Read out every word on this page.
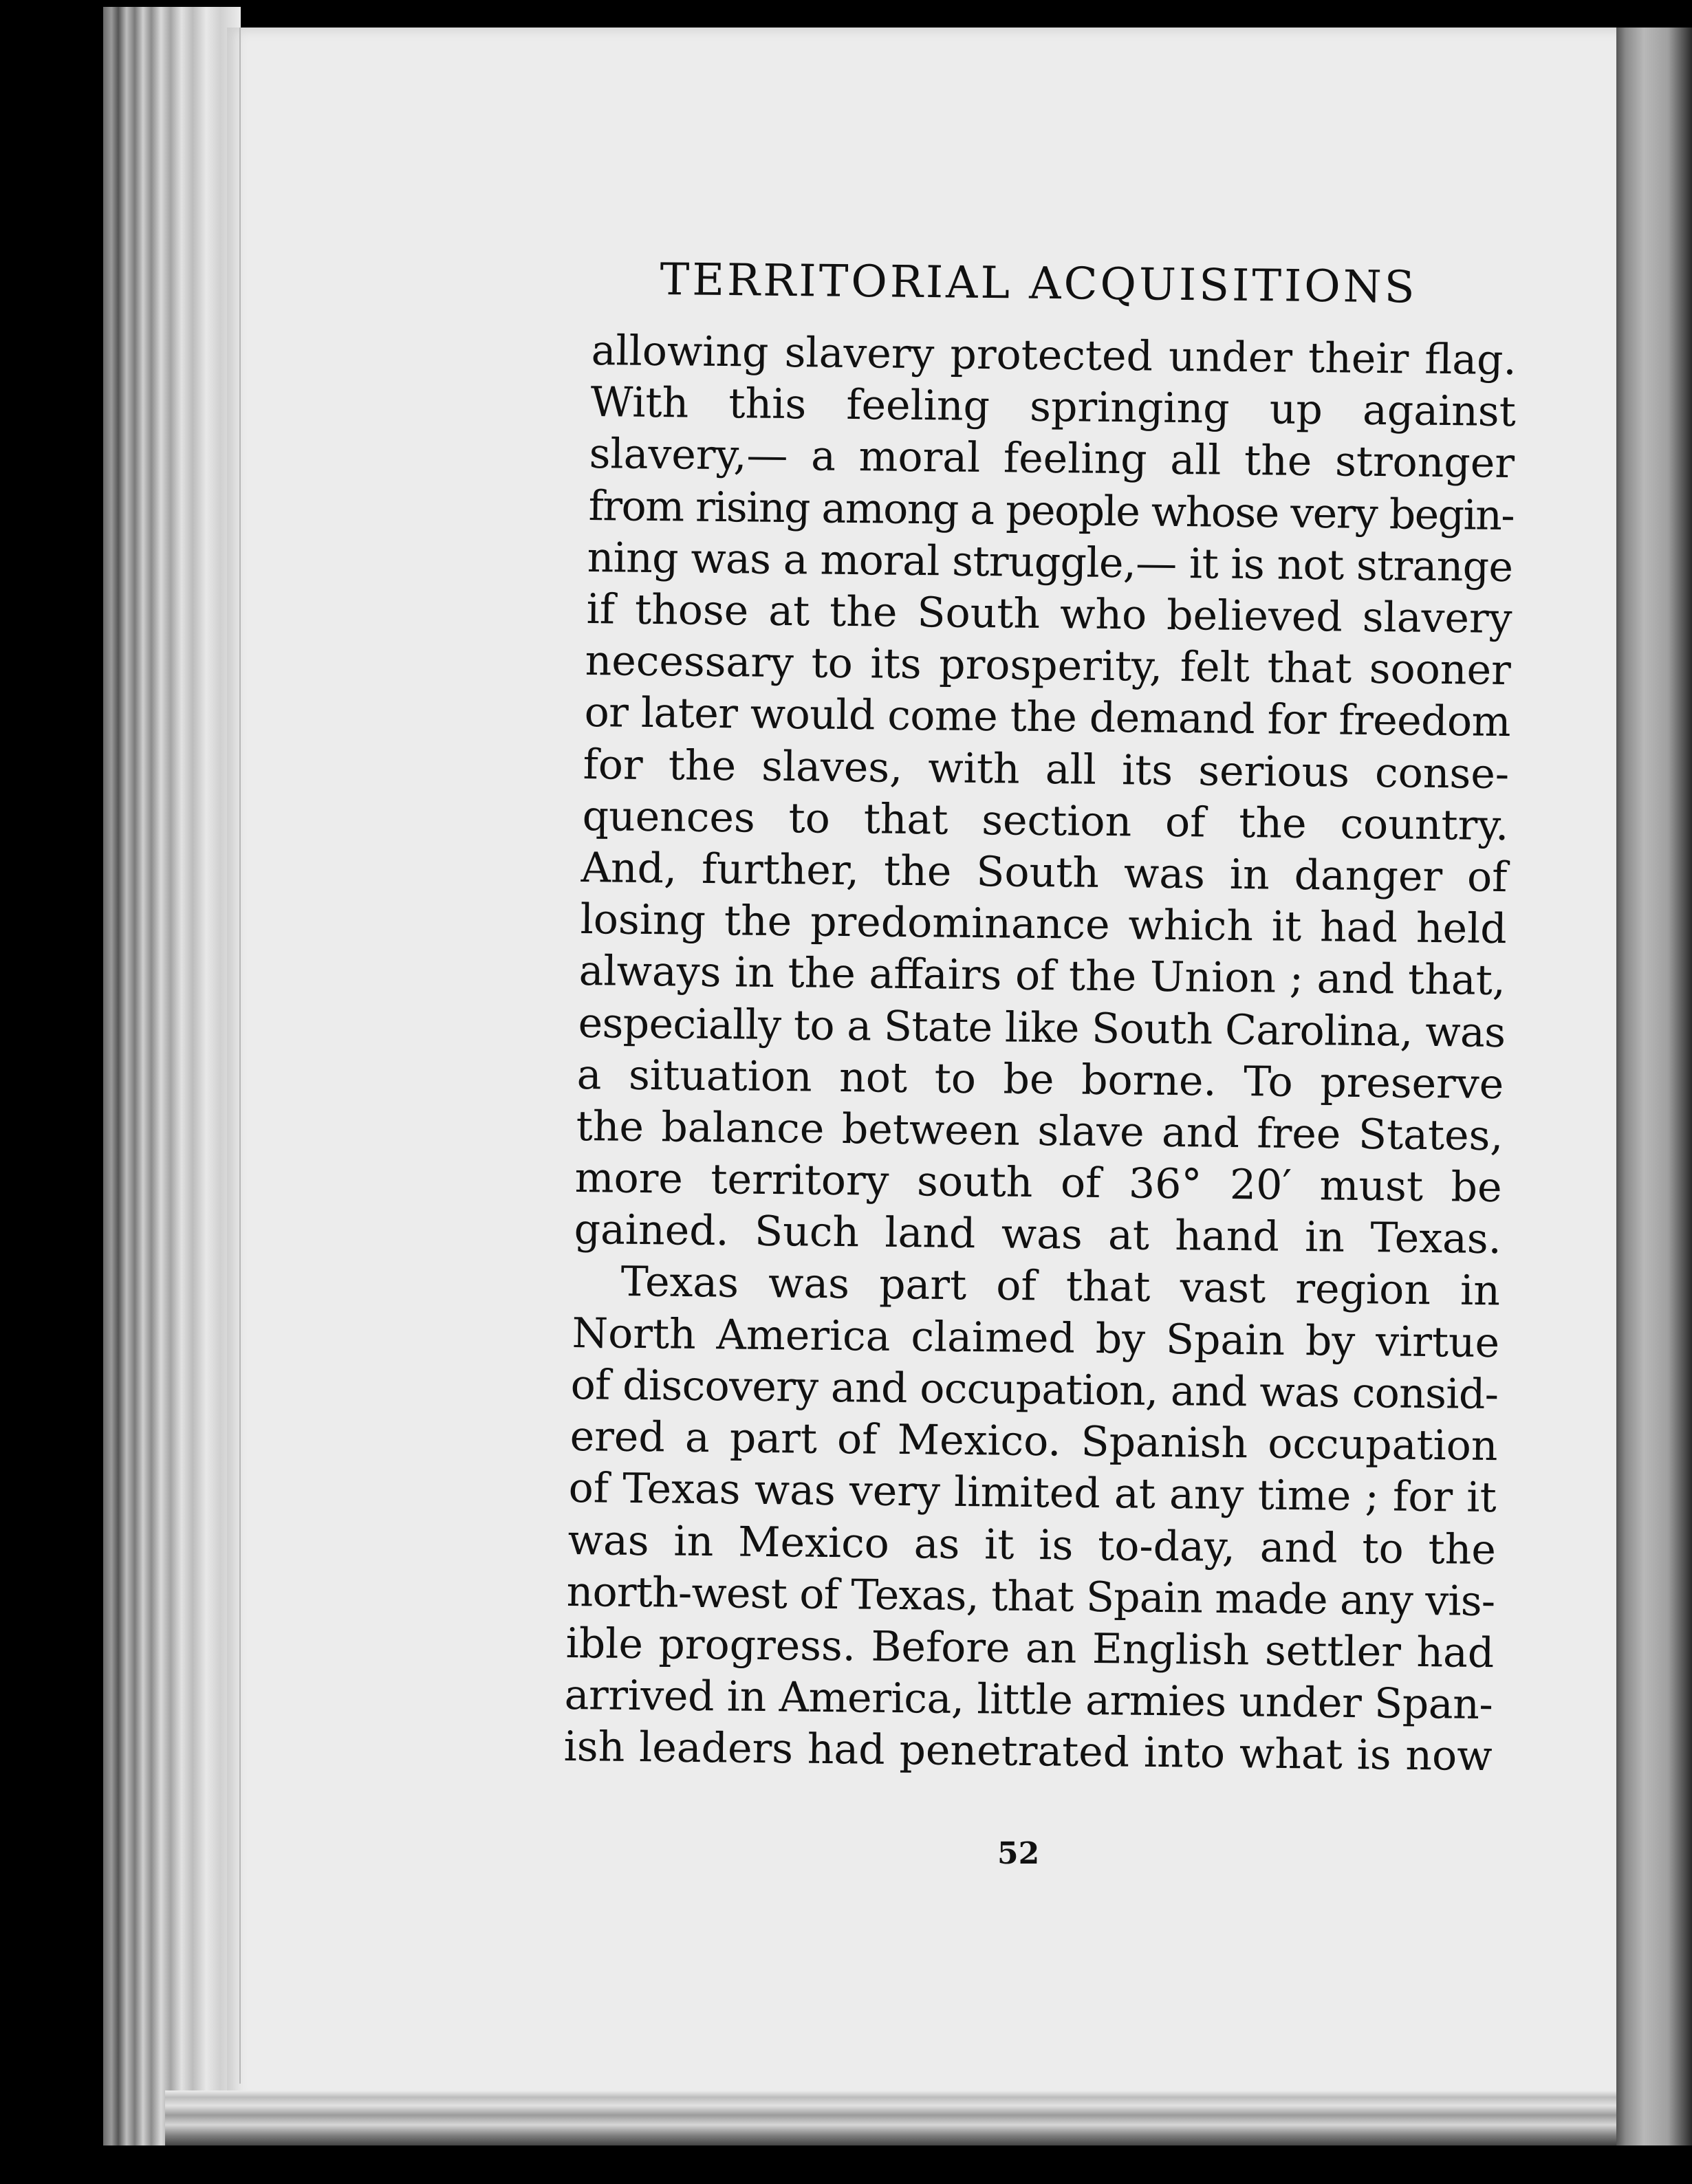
TERRITORIAL ACQUISITIONS
allowing slavery protected under their flag.
With this feeling springing up against
slavery,— a moral feeling all the stronger
from rising among a people whose very begin-
ning was a moral struggle,— it is not strange
if those at the South who believed slavery
necessary to its prosperity, felt that sooner
or later would come the demand for freedom
for the slaves, with all its serious conse-
quences to that section of the country.
And, further, the South was in danger of
losing the predominance which it had held
always in the affairs of the Union ; and that,
especially to a State like South Carolina, was
a situation not to be borne. To preserve
the balance between slave and free States,
more territory south of 36° 20′ must be
gained. Such land was at hand in Texas.
Texas was part of that vast region in
North America claimed by Spain by virtue
of discovery and occupation, and was consid-
ered a part of Mexico. Spanish occupation
of Texas was very limited at any time ; for it
was in Mexico as it is to-day, and to the
north-west of Texas, that Spain made any vis-
ible progress. Before an English settler had
arrived in America, little armies under Span-
ish leaders had penetrated into what is now
52
